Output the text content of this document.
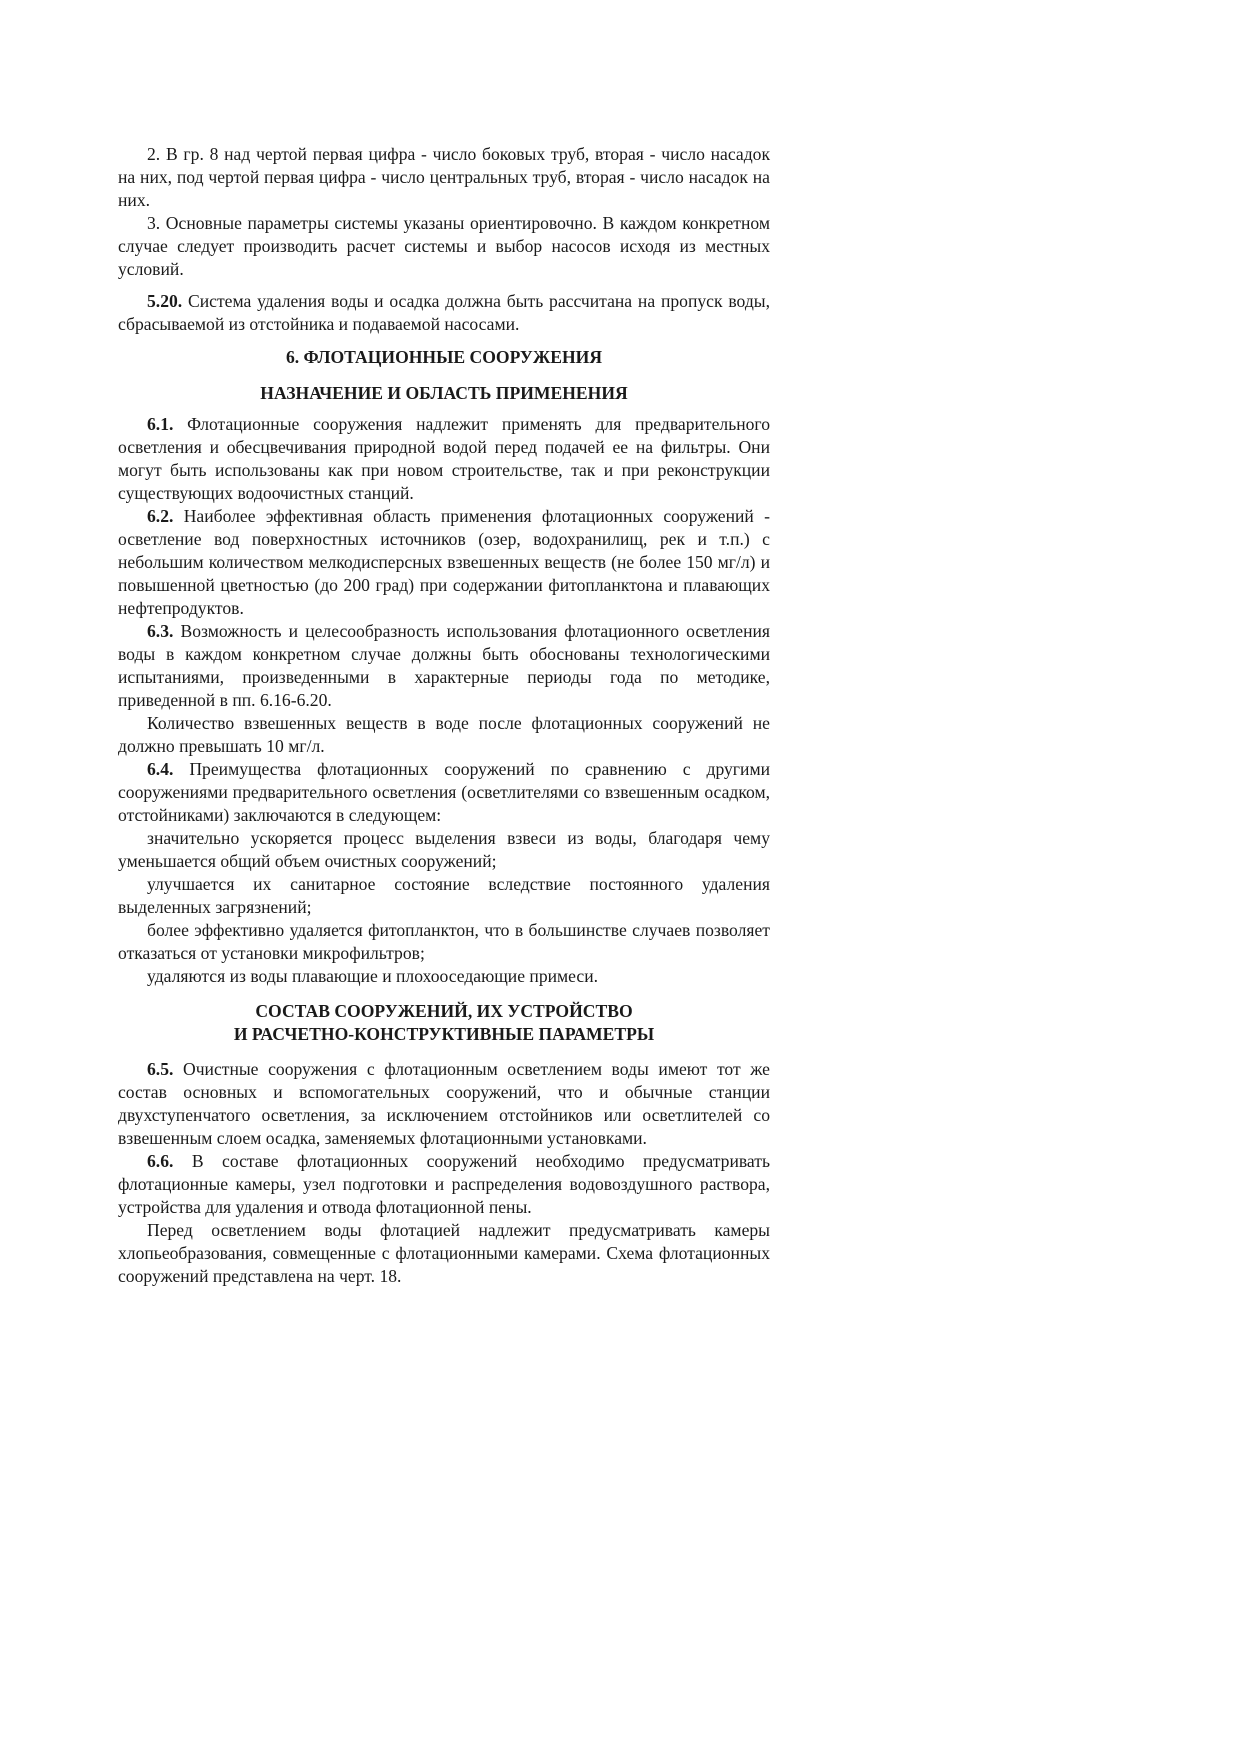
2. В гр. 8 над чертой первая цифра - число боковых труб, вторая - число насадок на них, под чертой первая цифра - число центральных труб, вторая - число насадок на них.

3. Основные параметры системы указаны ориентировочно. В каждом конкретном случае следует производить расчет системы и выбор насосов исходя из местных условий.

5.20. Система удаления воды и осадка должна быть рассчитана на пропуск воды, сбрасываемой из отстойника и подаваемой насосами.

6. ФЛОТАЦИОННЫЕ СООРУЖЕНИЯ

НАЗНАЧЕНИЕ И ОБЛАСТЬ ПРИМЕНЕНИЯ

6.1. Флотационные сооружения надлежит применять для предварительного осветления и обесцвечивания природной водой перед подачей ее на фильтры. Они могут быть использованы как при новом строительстве, так и при реконструкции существующих водоочистных станций.

6.2. Наиболее эффективная область применения флотационных сооружений - осветление вод поверхностных источников (озер, водохранилищ, рек и т.п.) с небольшим количеством мелкодисперсных взвешенных веществ (не более 150 мг/л) и повышенной цветностью (до 200 град) при содержании фитопланктона и плавающих нефтепродуктов.

6.3. Возможность и целесообразность использования флотационного осветления воды в каждом конкретном случае должны быть обоснованы технологическими испытаниями, произведенными в характерные периоды года по методике, приведенной в пп. 6.16-6.20.

Количество взвешенных веществ в воде после флотационных сооружений не должно превышать 10 мг/л.

6.4. Преимущества флотационных сооружений по сравнению с другими сооружениями предварительного осветления (осветлителями со взвешенным осадком, отстойниками) заключаются в следующем:

значительно ускоряется процесс выделения взвеси из воды, благодаря чему уменьшается общий объем очистных сооружений;

улучшается их санитарное состояние вследствие постоянного удаления выделенных загрязнений;

более эффективно удаляется фитопланктон, что в большинстве случаев позволяет отказаться от установки микрофильтров;

удаляются из воды плавающие и плохооседающие примеси.

СОСТАВ СООРУЖЕНИЙ, ИХ УСТРОЙСТВО
И РАСЧЕТНО-КОНСТРУКТИВНЫЕ ПАРАМЕТРЫ

6.5. Очистные сооружения с флотационным осветлением воды имеют тот же состав основных и вспомогательных сооружений, что и обычные станции двухступенчатого осветления, за исключением отстойников или осветлителей со взвешенным слоем осадка, заменяемых флотационными установками.

6.6. В составе флотационных сооружений необходимо предусматривать флотационные камеры, узел подготовки и распределения водовоздушного раствора, устройства для удаления и отвода флотационной пены.

Перед осветлением воды флотацией надлежит предусматривать камеры хлопьеобразования, совмещенные с флотационными камерами. Схема флотационных сооружений представлена на черт. 18.
